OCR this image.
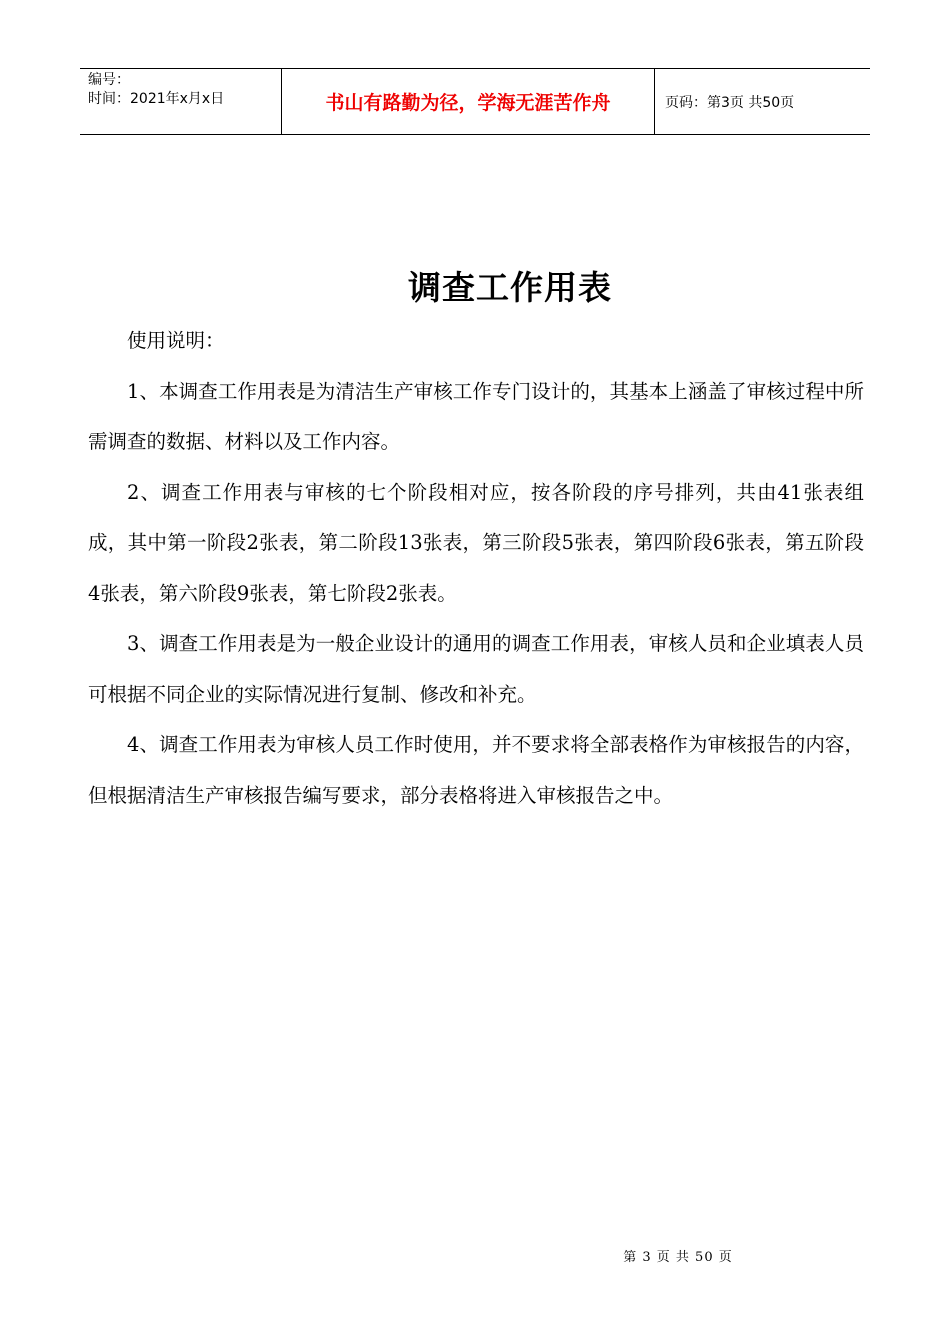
编号：
时间：2021年x月x日	书山有路勤为径，学海无涯苦作舟	页码：第3页 共50页
调查工作用表

使用说明：

1、本调查工作用表是为清洁生产审核工作专门设计的，其基本上涵盖了审核过程中所需调查的数据、材料以及工作内容。

2、调查工作用表与审核的七个阶段相对应，按各阶段的序号排列，共由41张表组成，其中第一阶段2张表，第二阶段13张表，第三阶段5张表，第四阶段6张表，第五阶段4张表，第六阶段9张表，第七阶段2张表。

3、调查工作用表是为一般企业设计的通用的调查工作用表，审核人员和企业填表人员可根据不同企业的实际情况进行复制、修改和补充。

4、调查工作用表为审核人员工作时使用，并不要求将全部表格作为审核报告的内容，但根据清洁生产审核报告编写要求，部分表格将进入审核报告之中。

第 3 页 共 50 页
